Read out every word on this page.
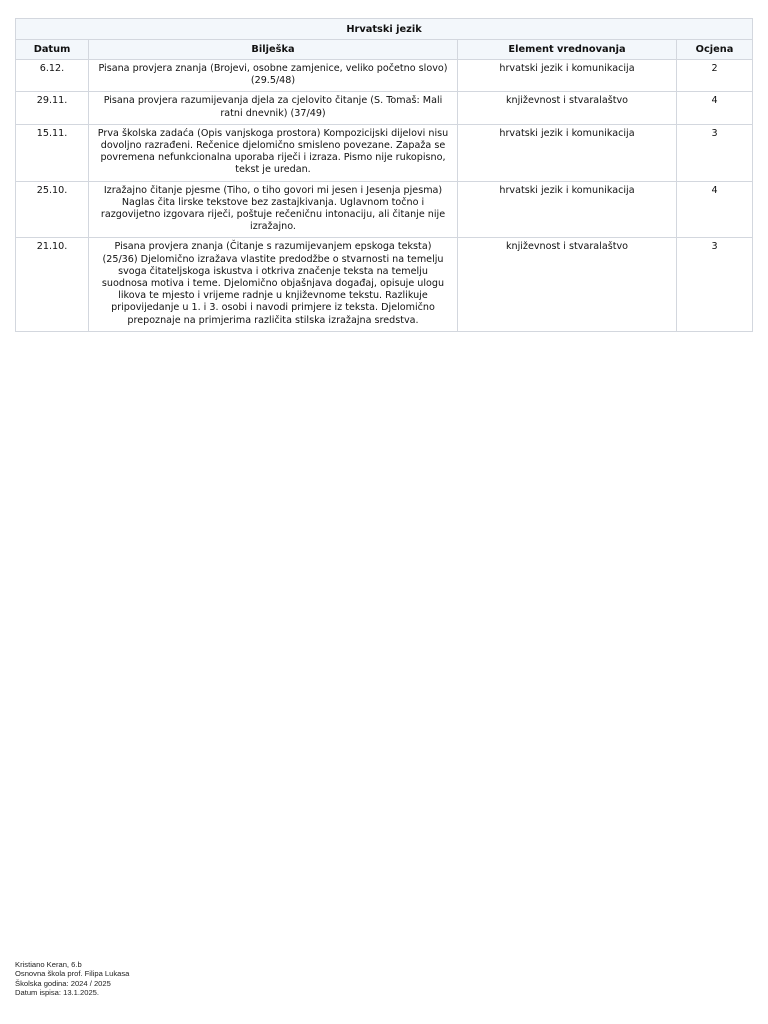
Hrvatski jezik			
Datum	Bilješka	Element vrednovanja	Ocjena
6.12.	Pisana provjera znanja (Brojevi, osobne zamjenice, veliko početno slovo) (29.5/48)	hrvatski jezik i komunikacija	2
29.11.	Pisana provjera razumijevanja djela za cjelovito čitanje (S. Tomaš: Mali ratni dnevnik) (37/49)	književnost i stvaralaštvo	4
15.11.	Prva školska zadaća (Opis vanjskoga prostora) Kompozicijski dijelovi nisu dovoljno razrađeni. Rečenice djelomično smisleno povezane. Zapaža se povremena nefunkcionalna uporaba riječi i izraza. Pismo nije rukopisno, tekst je uredan.	hrvatski jezik i komunikacija	3
25.10.	Izražajno čitanje pjesme (Tiho, o tiho govori mi jesen i Jesenja pjesma) Naglas čita lirske tekstove bez zastajkivanja. Uglavnom točno i razgovijetno izgovara riječi, poštuje rečeničnu intonaciju, ali čitanje nije izražajno.	hrvatski jezik i komunikacija	4
21.10.	Pisana provjera znanja (Čitanje s razumijevanjem epskoga teksta) (25/36) Djelomično izražava vlastite predodžbe o stvarnosti na temelju svoga čitateljskoga iskustva i otkriva značenje teksta na temelju suodnosa motiva i teme. Djelomično objašnjava događaj, opisuje ulogu likova te mjesto i vrijeme radnje u književnome tekstu. Razlikuje pripovijedanje u 1. i 3. osobi i navodi primjere iz teksta. Djelomično prepoznaje na primjerima različita stilska izražajna sredstva.	književnost i stvaralaštvo	3
Kristiano Keran, 6.b
Osnovna škola prof. Filipa Lukasa
Školska godina: 2024 / 2025
Datum ispisa: 13.1.2025.
